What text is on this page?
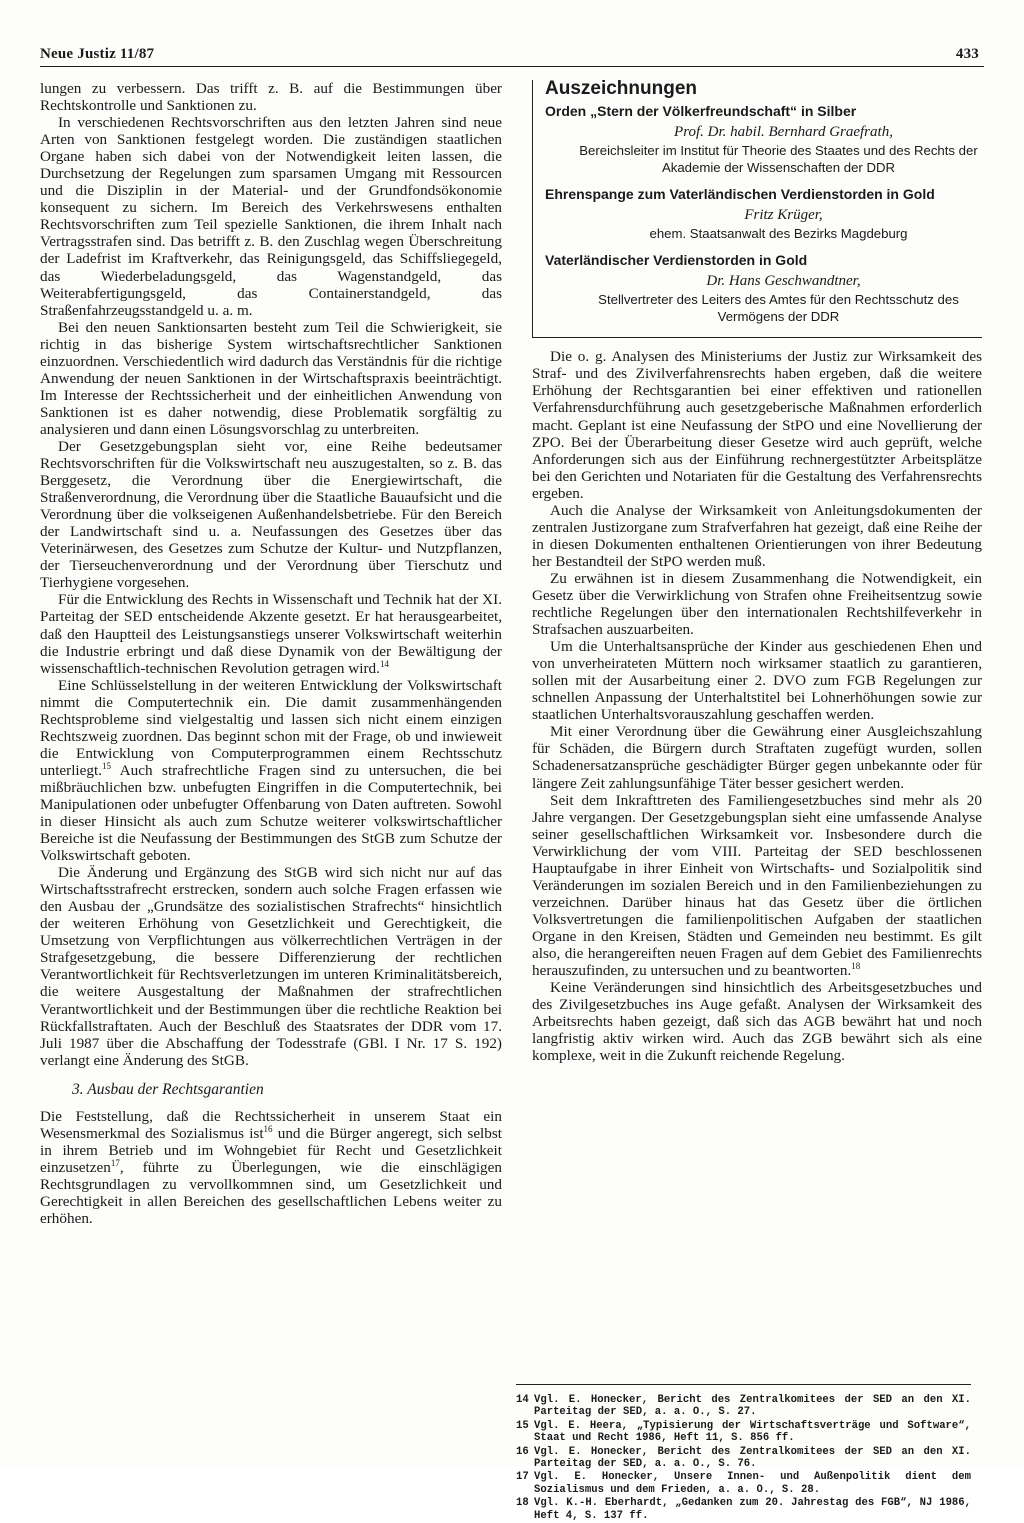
Neue Justiz 11/87	433

lungen zu verbessern. Das trifft z. B. auf die Bestimmungen über Rechtskontrolle und Sanktionen zu.

In verschiedenen Rechtsvorschriften aus den letzten Jahren sind neue Arten von Sanktionen festgelegt worden. Die zuständigen staatlichen Organe haben sich dabei von der Notwendigkeit leiten lassen, die Durchsetzung der Regelungen zum sparsamen Umgang mit Ressourcen und die Disziplin in der Material- und der Grundfondsökonomie konsequent zu sichern. Im Bereich des Verkehrswesens enthalten Rechtsvorschriften zum Teil spezielle Sanktionen, die ihrem Inhalt nach Vertragsstrafen sind. Das betrifft z. B. den Zuschlag wegen Überschreitung der Ladefrist im Kraftverkehr, das Reinigungsgeld, das Schiffsliegegeld, das Wiederbeladungsgeld, das Wagenstandgeld, das Weiterabfertigungsgeld, das Containerstandgeld, das Straßenfahrzeugsstandgeld u. a. m.

Bei den neuen Sanktionsarten besteht zum Teil die Schwierigkeit, sie richtig in das bisherige System wirtschaftsrechtlicher Sanktionen einzuordnen. Verschiedentlich wird dadurch das Verständnis für die richtige Anwendung der neuen Sanktionen in der Wirtschaftspraxis beeinträchtigt. Im Interesse der Rechtssicherheit und der einheitlichen Anwendung von Sanktionen ist es daher notwendig, diese Problematik sorgfältig zu analysieren und dann einen Lösungsvorschlag zu unterbreiten.

Der Gesetzgebungsplan sieht vor, eine Reihe bedeutsamer Rechtsvorschriften für die Volkswirtschaft neu auszugestalten, so z. B. das Berggesetz, die Verordnung über die Energiewirtschaft, die Straßenverordnung, die Verordnung über die Staatliche Bauaufsicht und die Verordnung über die volkseigenen Außenhandelsbetriebe. Für den Bereich der Landwirtschaft sind u. a. Neufassungen des Gesetzes über das Veterinärwesen, des Gesetzes zum Schutze der Kultur- und Nutzpflanzen, der Tierseuchenverordnung und der Verordnung über Tierschutz und Tierhygiene vorgesehen.

Für die Entwicklung des Rechts in Wissenschaft und Technik hat der XI. Parteitag der SED entscheidende Akzente gesetzt. Er hat herausgearbeitet, daß den Hauptteil des Leistungsanstiegs unserer Volkswirtschaft weiterhin die Industrie erbringt und daß diese Dynamik von der Bewältigung der wissenschaftlich-technischen Revolution getragen wird.$^{14}$

Eine Schlüsselstellung in der weiteren Entwicklung der Volkswirtschaft nimmt die Computertechnik ein. Die damit zusammenhängenden Rechtsprobleme sind vielgestaltig und lassen sich nicht einem einzigen Rechtszweig zuordnen. Das beginnt schon mit der Frage, ob und inwieweit die Entwicklung von Computerprogrammen einem Rechtsschutz unterliegt.$^{15}$ Auch strafrechtliche Fragen sind zu untersuchen, die bei mißbräuchlichen bzw. unbefugten Eingriffen in die Computertechnik, bei Manipulationen oder unbefugter Offenbarung von Daten auftreten. Sowohl in dieser Hinsicht als auch zum Schutze weiterer volkswirtschaftlicher Bereiche ist die Neufassung der Bestimmungen des StGB zum Schutze der Volkswirtschaft geboten.

Die Änderung und Ergänzung des StGB wird sich nicht nur auf das Wirtschaftsstrafrecht erstrecken, sondern auch solche Fragen erfassen wie den Ausbau der „Grundsätze des sozialistischen Strafrechts“ hinsichtlich der weiteren Erhöhung von Gesetzlichkeit und Gerechtigkeit, die Umsetzung von Verpflichtungen aus völkerrechtlichen Verträgen in der Strafgesetzgebung, die bessere Differenzierung der rechtlichen Verantwortlichkeit für Rechtsverletzungen im unteren Kriminalitätsbereich, die weitere Ausgestaltung der Maßnahmen der strafrechtlichen Verantwortlichkeit und der Bestimmungen über die rechtliche Reaktion bei Rückfallstraftaten. Auch der Beschluß des Staatsrates der DDR vom 17. Juli 1987 über die Abschaffung der Todesstrafe (GBl. I Nr. 17 S. 192) verlangt eine Änderung des StGB.

3. Ausbau der Rechtsgarantien

Die Feststellung, daß die Rechtssicherheit in unserem Staat ein Wesensmerkmal des Sozialismus ist$^{16}$ und die Bürger angeregt, sich selbst in ihrem Betrieb und im Wohngebiet für Recht und Gesetzlichkeit einzusetzen$^{17}$, führte zu Überlegungen, wie die einschlägigen Rechtsgrundlagen zu vervollkommnen sind, um Gesetzlichkeit und Gerechtigkeit in allen Bereichen des gesellschaftlichen Lebens weiter zu erhöhen.

Auszeichnungen
Orden „Stern der Völkerfreundschaft“ in Silber
Prof. Dr. habil. Bernhard Graefrath,
Bereichsleiter im Institut für Theorie des Staates und des Rechts der Akademie der Wissenschaften der DDR
Ehrenspange zum Vaterländischen Verdienstorden in Gold
Fritz Krüger,
ehem. Staatsanwalt des Bezirks Magdeburg
Vaterländischer Verdienstorden in Gold
Dr. Hans Geschwandtner,
Stellvertreter des Leiters des Amtes für den Rechtsschutz des Vermögens der DDR

Die o. g. Analysen des Ministeriums der Justiz zur Wirksamkeit des Straf- und des Zivilverfahrensrechts haben ergeben, daß die weitere Erhöhung der Rechtsgarantien bei einer effektiven und rationellen Verfahrensdurchführung auch gesetzgeberische Maßnahmen erforderlich macht. Geplant ist eine Neufassung der StPO und eine Novellierung der ZPO. Bei der Überarbeitung dieser Gesetze wird auch geprüft, welche Anforderungen sich aus der Einführung rechnergestützter Arbeitsplätze bei den Gerichten und Notariaten für die Gestaltung des Verfahrensrechts ergeben.

Auch die Analyse der Wirksamkeit von Anleitungsdokumenten der zentralen Justizorgane zum Strafverfahren hat gezeigt, daß eine Reihe der in diesen Dokumenten enthaltenen Orientierungen von ihrer Bedeutung her Bestandteil der StPO werden muß.

Zu erwähnen ist in diesem Zusammenhang die Notwendigkeit, ein Gesetz über die Verwirklichung von Strafen ohne Freiheitsentzug sowie rechtliche Regelungen über den internationalen Rechtshilfeverkehr in Strafsachen auszuarbeiten.

Um die Unterhaltsansprüche der Kinder aus geschiedenen Ehen und von unverheirateten Müttern noch wirksamer staatlich zu garantieren, sollen mit der Ausarbeitung einer 2. DVO zum FGB Regelungen zur schnellen Anpassung der Unterhaltstitel bei Lohnerhöhungen sowie zur staatlichen Unterhaltsvorauszahlung geschaffen werden.

Mit einer Verordnung über die Gewährung einer Ausgleichszahlung für Schäden, die Bürgern durch Straftaten zugefügt wurden, sollen Schadenersatzansprüche geschädigter Bürger gegen unbekannte oder für längere Zeit zahlungsunfähige Täter besser gesichert werden.

Seit dem Inkrafttreten des Familiengesetzbuches sind mehr als 20 Jahre vergangen. Der Gesetzgebungsplan sieht eine umfassende Analyse seiner gesellschaftlichen Wirksamkeit vor. Insbesondere durch die Verwirklichung der vom VIII. Parteitag der SED beschlossenen Hauptaufgabe in ihrer Einheit von Wirtschafts- und Sozialpolitik sind Veränderungen im sozialen Bereich und in den Familienbeziehungen zu verzeichnen. Darüber hinaus hat das Gesetz über die örtlichen Volksvertretungen die familienpolitischen Aufgaben der staatlichen Organe in den Kreisen, Städten und Gemeinden neu bestimmt. Es gilt also, die herangereiften neuen Fragen auf dem Gebiet des Familienrechts herauszufinden, zu untersuchen und zu beantworten.$^{18}$

Keine Veränderungen sind hinsichtlich des Arbeitsgesetzbuches und des Zivilgesetzbuches ins Auge gefaßt. Analysen der Wirksamkeit des Arbeitsrechts haben gezeigt, daß sich das AGB bewährt hat und noch langfristig aktiv wirken wird. Auch das ZGB bewährt sich als eine komplexe, weit in die Zukunft reichende Regelung.

14 Vgl. E. Honecker, Bericht des Zentralkomitees der SED an den XI. Parteitag der SED, a. a. O., S. 27.
15 Vgl. E. Heera, „Typisierung der Wirtschaftsverträge und Software“, Staat und Recht 1986, Heft 11, S. 856 ff.
16 Vgl. E. Honecker, Bericht des Zentralkomitees der SED an den XI. Parteitag der SED, a. a. O., S. 76.
17 Vgl. E. Honecker, Unsere Innen- und Außenpolitik dient dem Sozialismus und dem Frieden, a. a. O., S. 28.
18 Vgl. K.-H. Eberhardt, „Gedanken zum 20. Jahrestag des FGB“, NJ 1986, Heft 4, S. 137 ff.
